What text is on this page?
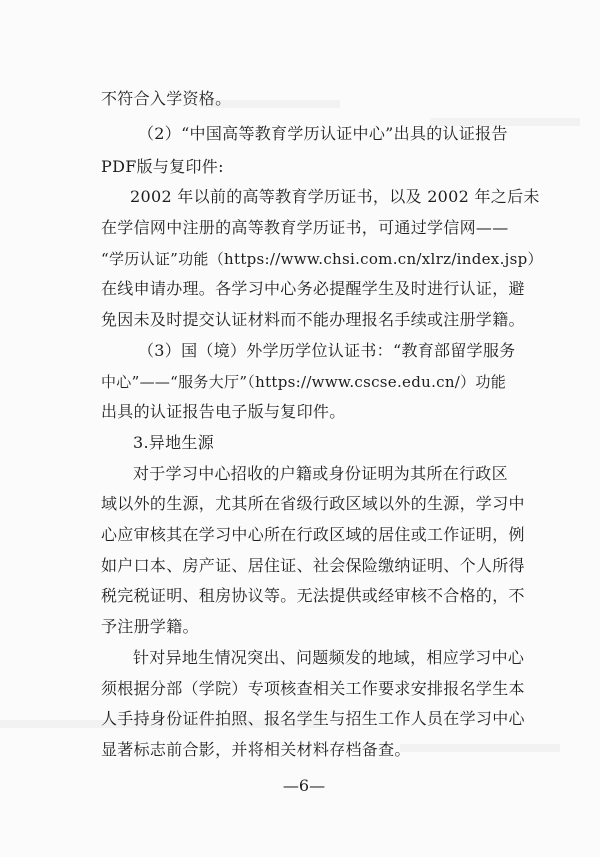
不符合入学资格。
（2）“中国高等教育学历认证中心”出具的认证报告
PDF版与复印件:
2002 年以前的高等教育学历证书，以及 2002 年之后未
在学信网中注册的高等教育学历证书，可通过学信网——
“学历认证”功能（https://www.chsi.com.cn/xlrz/index.jsp）
在线申请办理。各学习中心务必提醒学生及时进行认证，避
免因未及时提交认证材料而不能办理报名手续或注册学籍。
（3）国（境）外学历学位认证书：“教育部留学服务
中心”——“服务大厅”（https://www.cscse.edu.cn/）功能
出具的认证报告电子版与复印件。
3.异地生源
对于学习中心招收的户籍或身份证明为其所在行政区
域以外的生源，尤其所在省级行政区域以外的生源，学习中
心应审核其在学习中心所在行政区域的居住或工作证明，例
如户口本、房产证、居住证、社会保险缴纳证明、个人所得
税完税证明、租房协议等。无法提供或经审核不合格的，不
予注册学籍。
针对异地生情况突出、问题频发的地域，相应学习中心
须根据分部（学院）专项核查相关工作要求安排报名学生本
人手持身份证件拍照、报名学生与招生工作人员在学习中心
显著标志前合影，并将相关材料存档备查。
—6—
